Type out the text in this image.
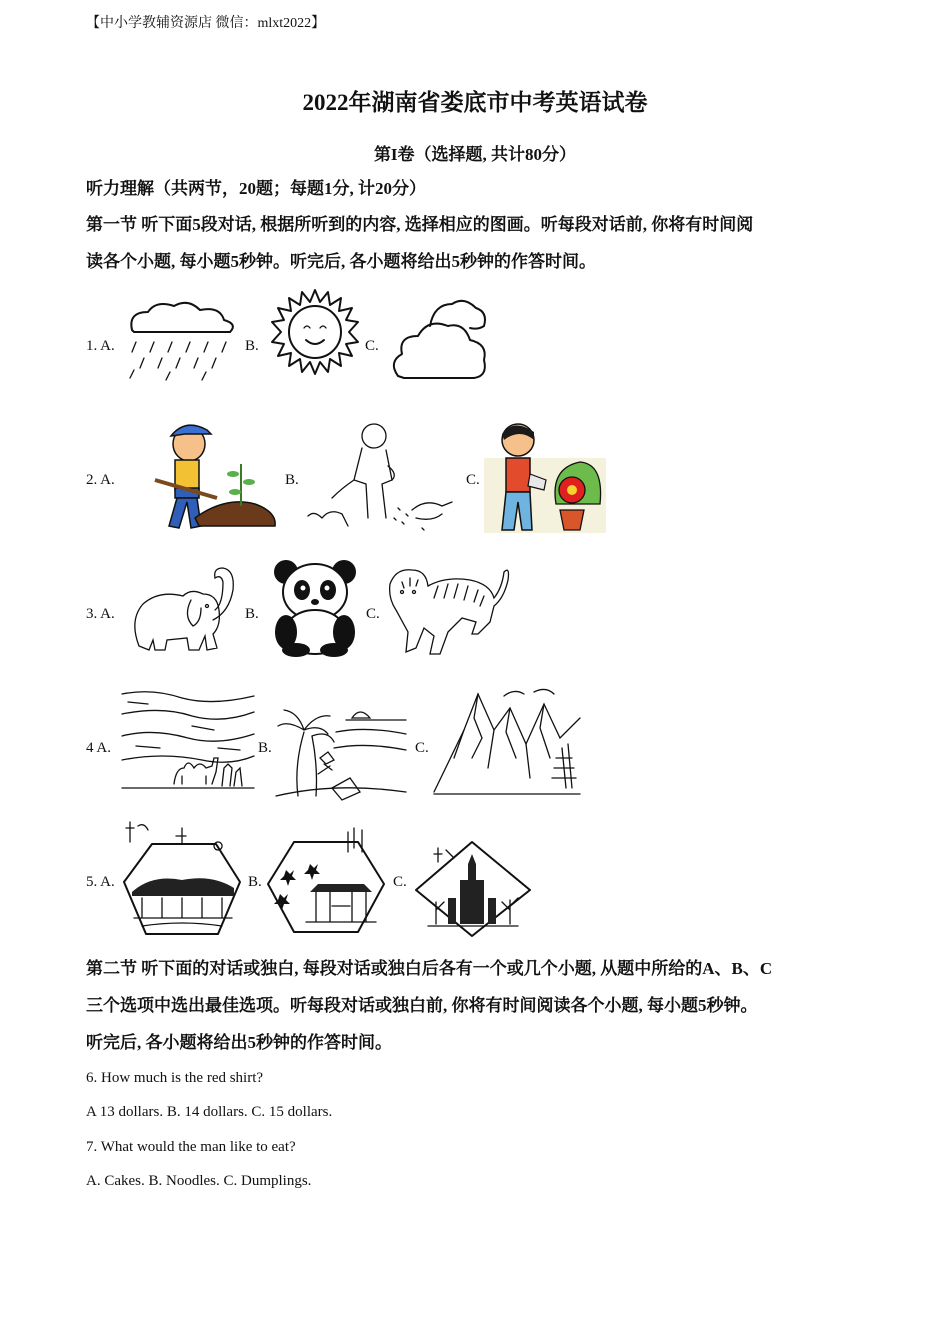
【中小学教辅资源店 微信：mlxt2022】
2022年湖南省娄底市中考英语试卷
第I卷（选择题, 共计80分）
听力理解（共两节，20题；每题1分, 计20分）
第一节 听下面5段对话, 根据所听到的内容, 选择相应的图画。听每段对话前, 你将有时间阅
读各个小题, 每小题5秒钟。听完后, 各小题将给出5秒钟的作答时间。
1. A.	B.	C.
2. A.	B.	C.
3. A.	B.	C.
4 A.	B.	C.
5. A.	B.	C.
第二节 听下面的对话或独白, 每段对话或独白后各有一个或几个小题, 从题中所给的A、B、C
三个选项中选出最佳选项。听每段对话或独白前, 你将有时间阅读各个小题, 每小题5秒钟。
听完后, 各小题将给出5秒钟的作答时间。
6. How much is the red shirt?
A 13 dollars. B. 14 dollars. C. 15 dollars.
7. What would the man like to eat?
A. Cakes. B. Noodles. C. Dumplings.
